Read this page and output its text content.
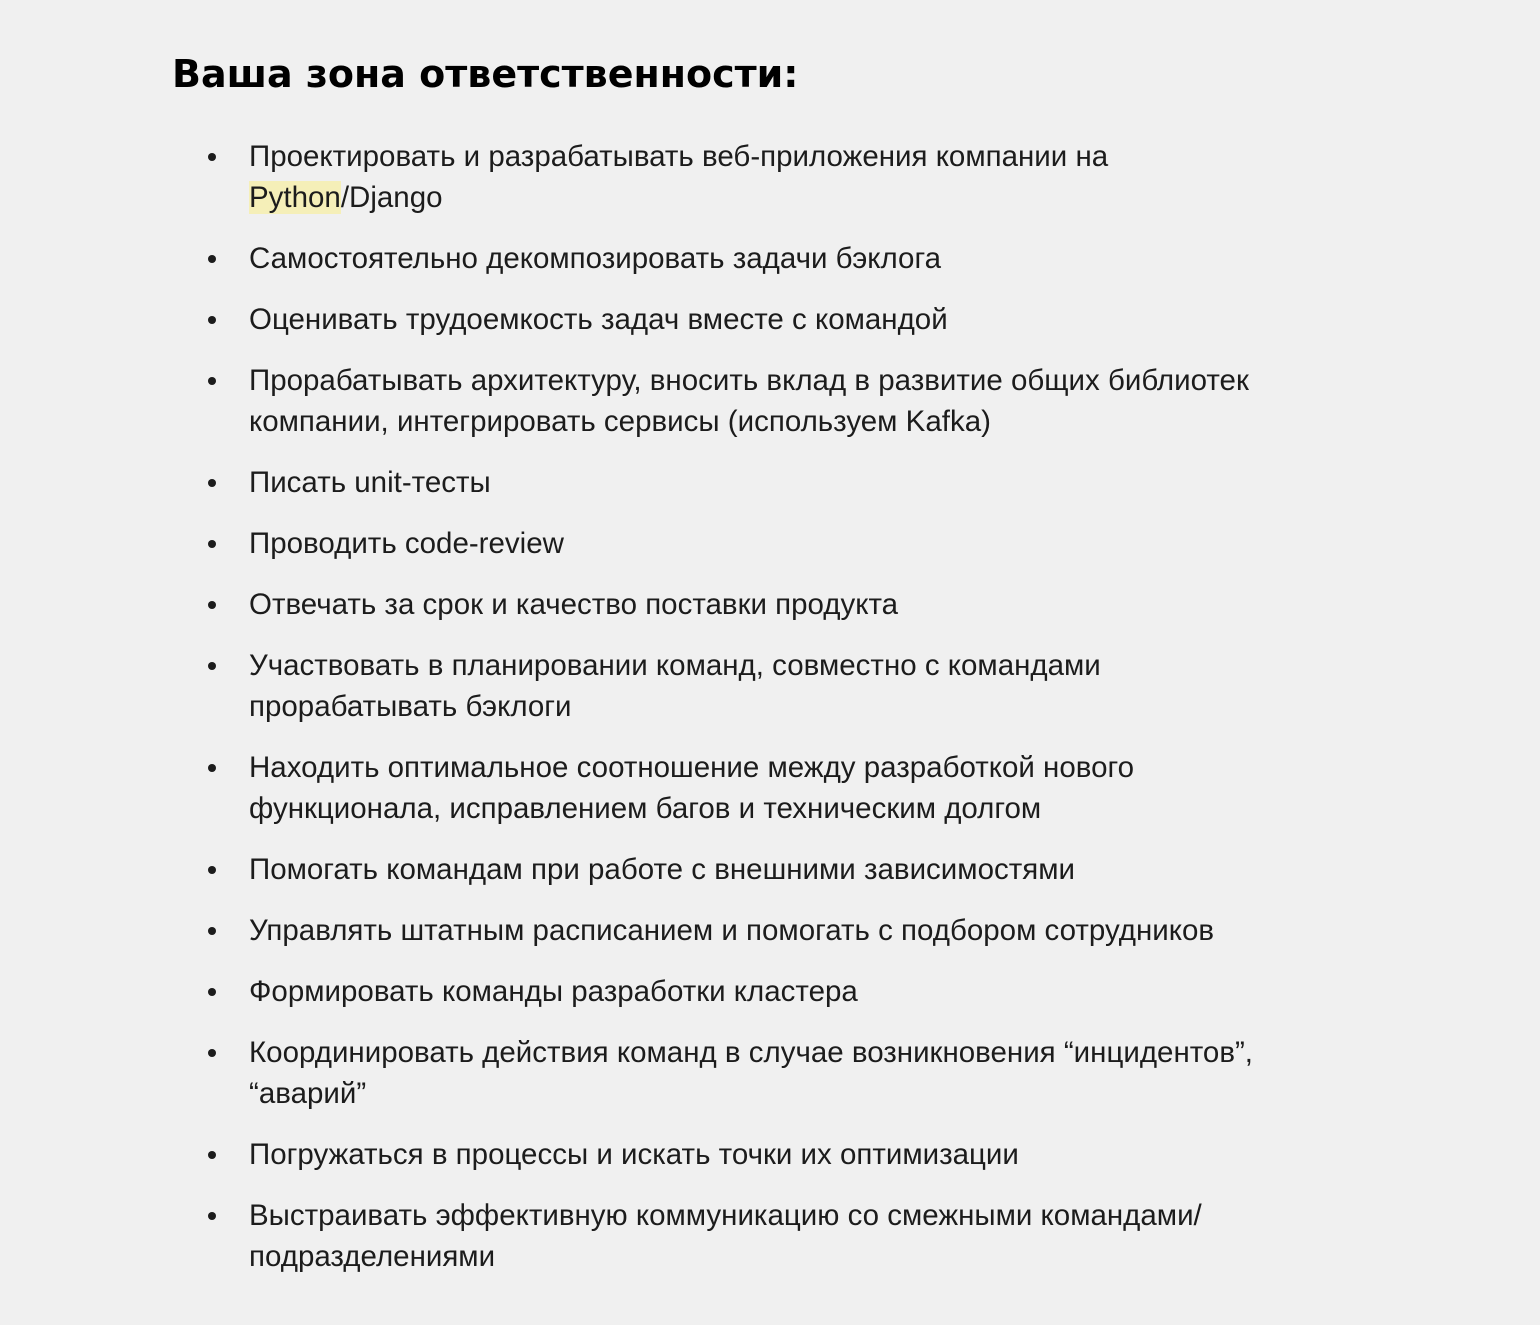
Ваша зона ответственности:
Проектировать и разрабатывать веб-приложения компании на
Python/Django
Самостоятельно декомпозировать задачи бэклога
Оценивать трудоемкость задач вместе с командой
Прорабатывать архитектуру, вносить вклад в развитие общих библиотек
компании, интегрировать сервисы (используем Kafka)
Писать unit-тесты
Проводить code-review
Отвечать за срок и качество поставки продукта
Участвовать в планировании команд, совместно с командами
прорабатывать бэклоги
Находить оптимальное соотношение между разработкой нового
функционала, исправлением багов и техническим долгом
Помогать командам при работе с внешними зависимостями
Управлять штатным расписанием и помогать с подбором сотрудников
Формировать команды разработки кластера
Координировать действия команд в случае возникновения “инцидентов”,
“аварий”
Погружаться в процессы и искать точки их оптимизации
Выстраивать эффективную коммуникацию со смежными командами/
подразделениями
